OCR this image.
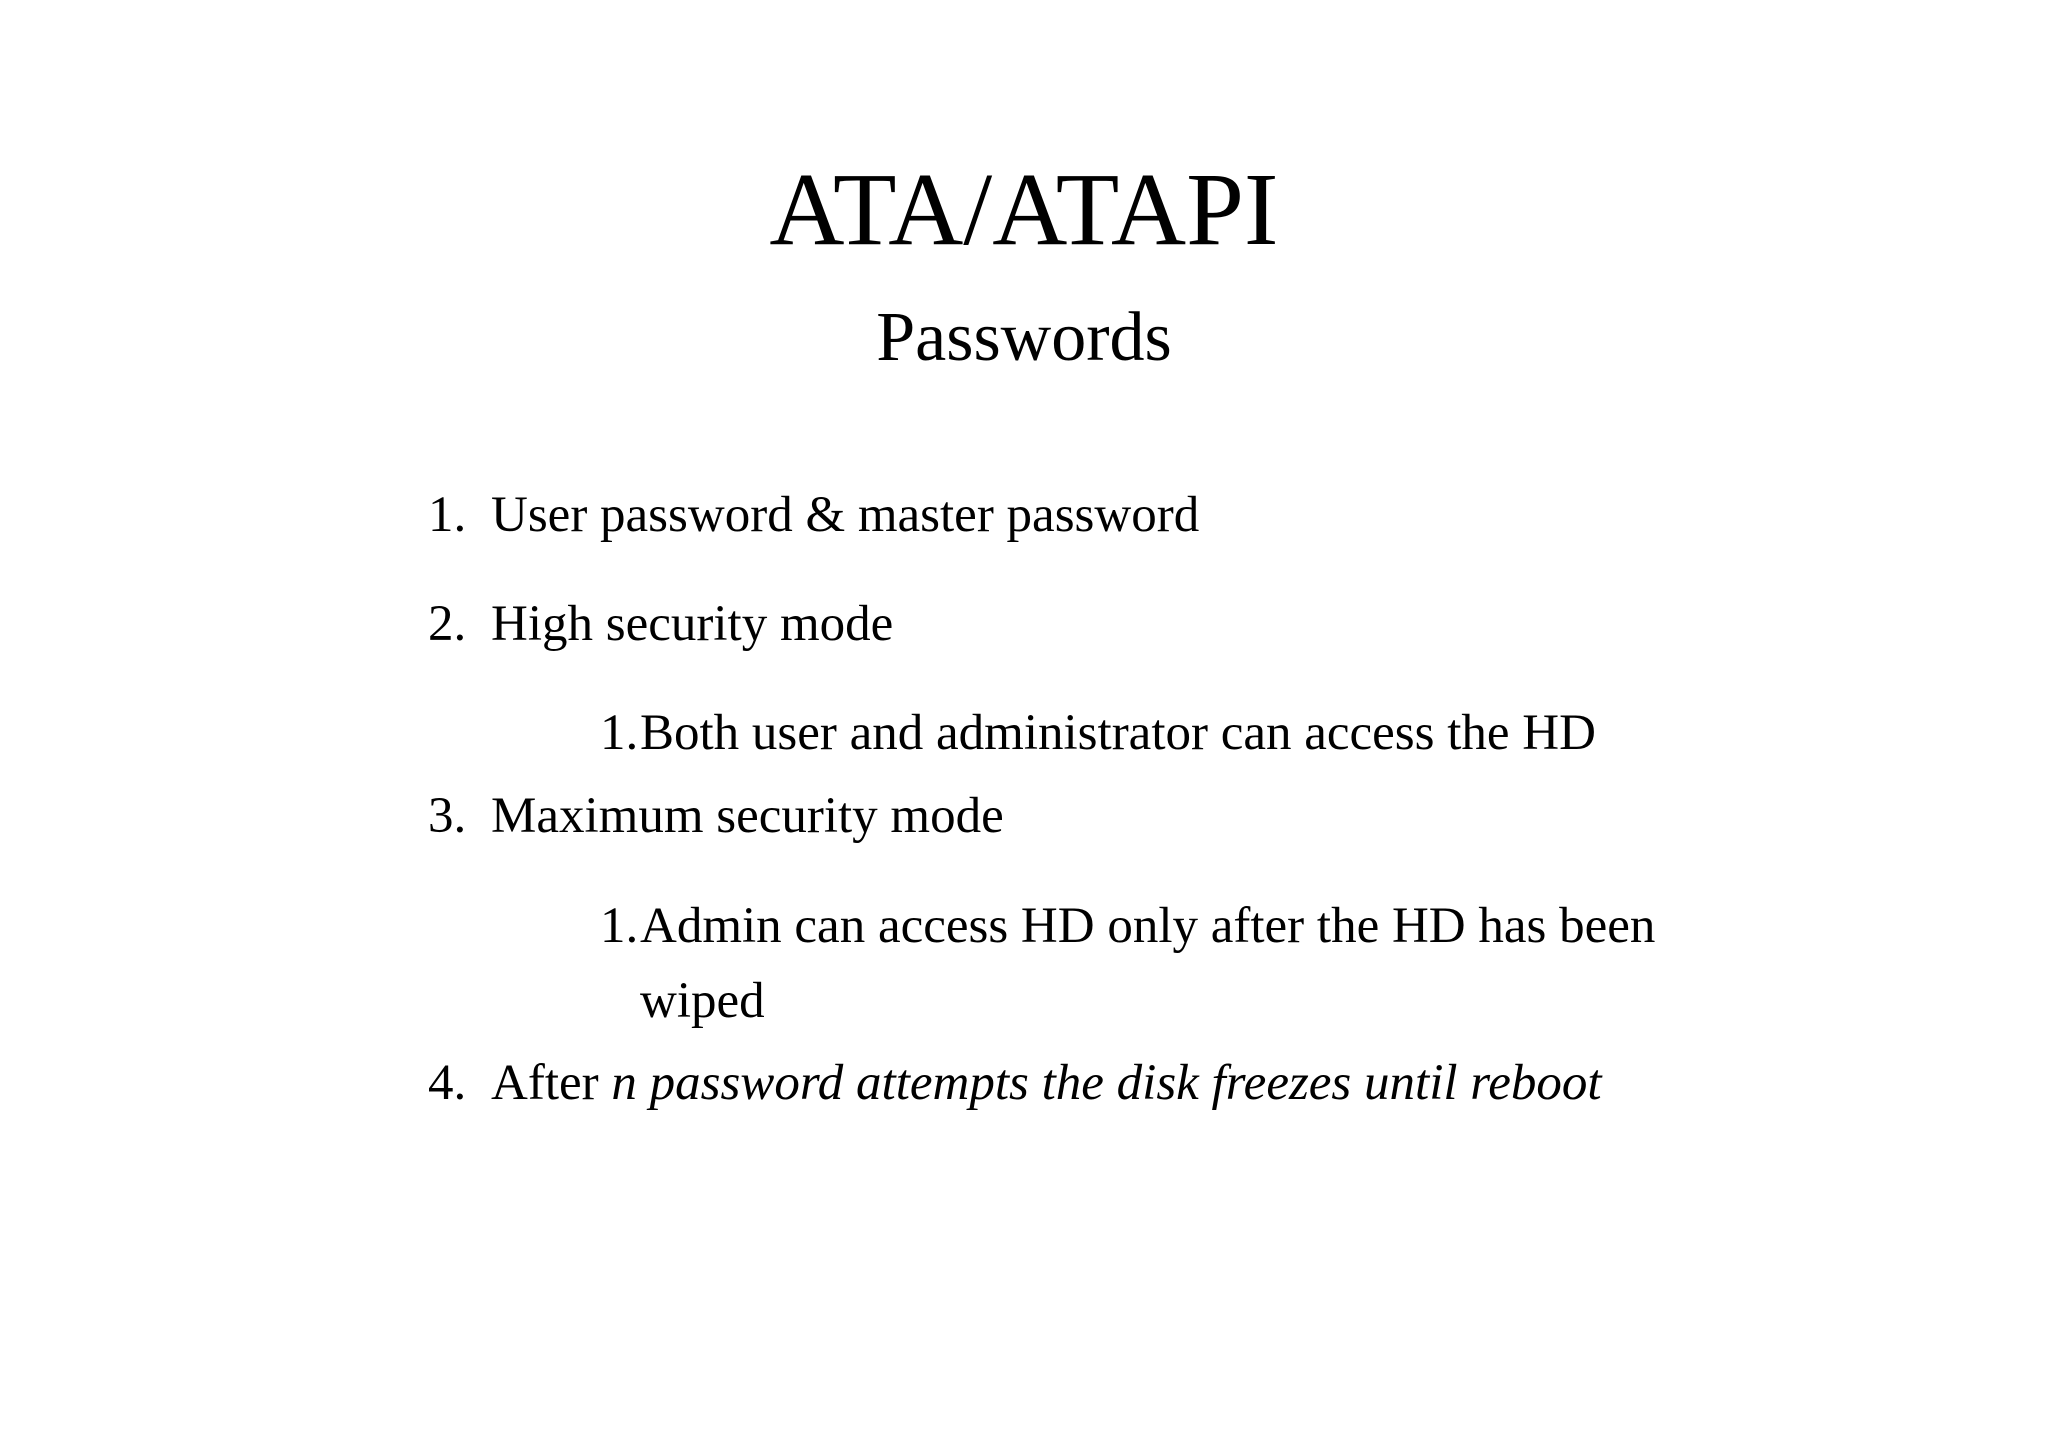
ATA/ATAPI
Passwords
1. User password & master password
2. High security mode
1. Both user and administrator can access the HD
3. Maximum security mode
1. Admin can access HD only after the HD has been
wiped
4. After n password attempts the disk freezes until reboot
